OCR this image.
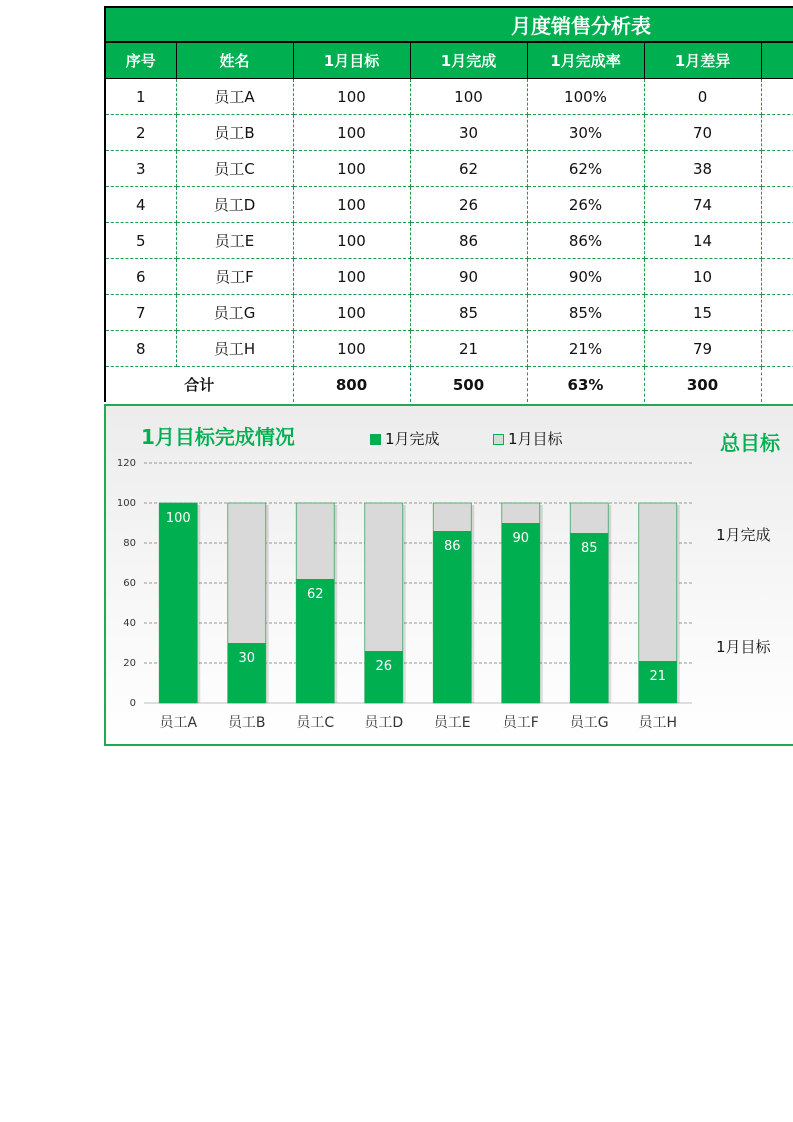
月度销售分析表
序号	姓名	1月目标	1月完成	1月完成率	1月差异	
1	员工A	100	100	100%	0	
2	员工B	100	30	30%	70	
3	员工C	100	62	62%	38	
4	员工D	100	26	26%	74	
5	员工E	100	86	86%	14	
6	员工F	100	90	90%	10	
7	员工G	100	85	85%	15	
8	员工H	100	21	21%	79	
合计		800	500	63%	300	
1月目标完成情况	1月完成	1月目标	总目标
1月完成
1月目标
0
20
40
60
80
100
120
100
员工A
30
员工B
62
员工C
26
员工D
86
员工E
90
员工F
85
员工G
21
员工H
